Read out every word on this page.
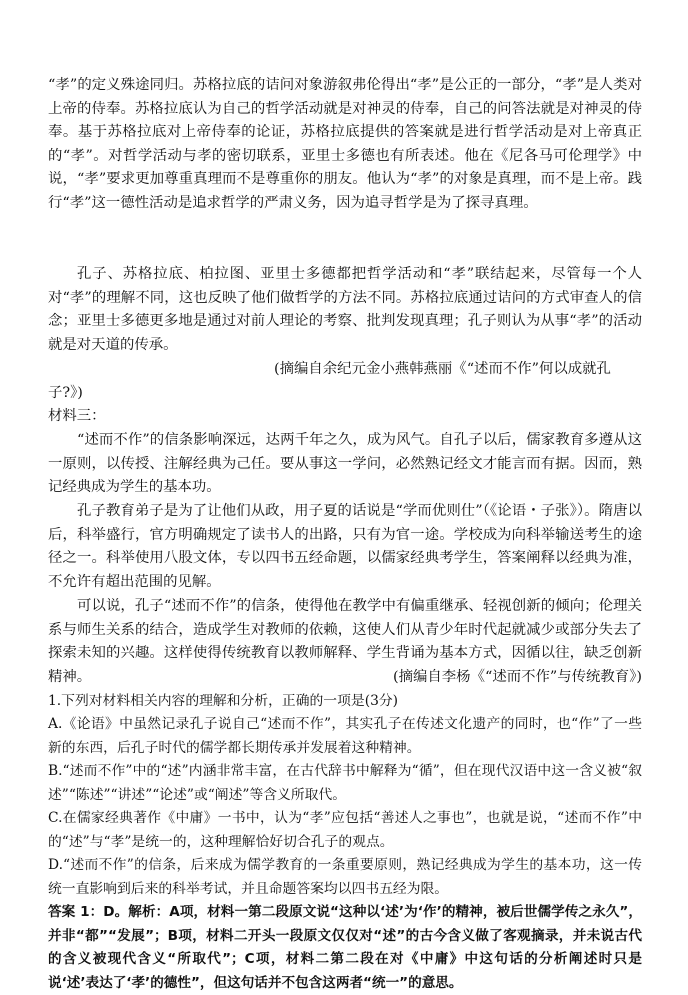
“孝”的定义殊途同归。苏格拉底的诘问对象游叙弗伦得出“孝”是公正的一部分，“孝”是人类对上帝的侍奉。苏格拉底认为自己的哲学活动就是对神灵的侍奉，自己的问答法就是对神灵的侍奉。基于苏格拉底对上帝侍奉的论证，苏格拉底提供的答案就是进行哲学活动是对上帝真正的“孝”。对哲学活动与孝的密切联系，亚里士多德也有所表述。他在《尼各马可伦理学》中说，“孝”要求更加尊重真理而不是尊重你的朋友。他认为“孝”的对象是真理，而不是上帝。践行“孝”这一德性活动是追求哲学的严肃义务，因为追寻哲学是为了探寻真理。

孔子、苏格拉底、柏拉图、亚里士多德都把哲学活动和“孝”联结起来，尽管每一个人对“孝”的理解不同，这也反映了他们做哲学的方法不同。苏格拉底通过诘问的方式审查人的信念；亚里士多德更多地是通过对前人理论的考察、批判发现真理；孔子则认为从事“孝”的活动就是对天道的传承。

(摘编自余纪元金小燕韩燕丽《“述而不作”何以成就孔子?》)

材料三：

“述而不作”的信条影响深远，达两千年之久，成为风气。自孔子以后，儒家教育多遵从这一原则，以传授、注解经典为己任。要从事这一学问，必然熟记经文才能言而有据。因而，熟记经典成为学生的基本功。

孔子教育弟子是为了让他们从政，用子夏的话说是“学而优则仕”（《论语・子张》）。隋唐以后，科举盛行，官方明确规定了读书人的出路，只有为官一途。学校成为向科举输送考生的途径之一。科举使用八股文体，专以四书五经命题，以儒家经典考学生，答案阐释以经典为准，不允许有超出范围的见解。

可以说，孔子“述而不作”的信条，使得他在教学中有偏重继承、轻视创新的倾向；伦理关系与师生关系的结合，造成学生对教师的依赖，这使人们从青少年时代起就减少或部分失去了探索未知的兴趣。这样使得传统教育以教师解释、学生背诵为基本方式，因循以往，缺乏创新精神。	(摘编自李杨《“述而不作”与传统教育》)

1.下列对材料相关内容的理解和分析，正确的一项是(3分)

A.《论语》中虽然记录孔子说自己“述而不作”，其实孔子在传述文化遗产的同时，也“作”了一些新的东西，后孔子时代的儒学都长期传承并发展着这种精神。

B.“述而不作”中的“述”内涵非常丰富，在古代辞书中解释为“循”，但在现代汉语中这一含义被“叙述”“陈述”“讲述”“论述”或“阐述”等含义所取代。

C.在儒家经典著作《中庸》一书中，认为“孝”应包括“善述人之事也”，也就是说，“述而不作”中的“述”与“孝”是统一的，这种理解恰好切合孔子的观点。

D.“述而不作”的信条，后来成为儒学教育的一条重要原则，熟记经典成为学生的基本功，这一传统一直影响到后来的科举考试，并且命题答案均以四书五经为限。

答案 1：D。解析：A项，材料一第二段原文说“这种以‘述’为‘作’的精神，被后世儒学传之永久”，并非“都”“发展”；B项，材料二开头一段原文仅仅对“述”的古今含义做了客观摘录，并未说古代的含义被现代含义“所取代”；C项，材料二第二段在对《中庸》中这句话的分析阐述时只是说‘述’表达了‘孝’的德性”，但这句话并不包含这两者“统一”的意思。
